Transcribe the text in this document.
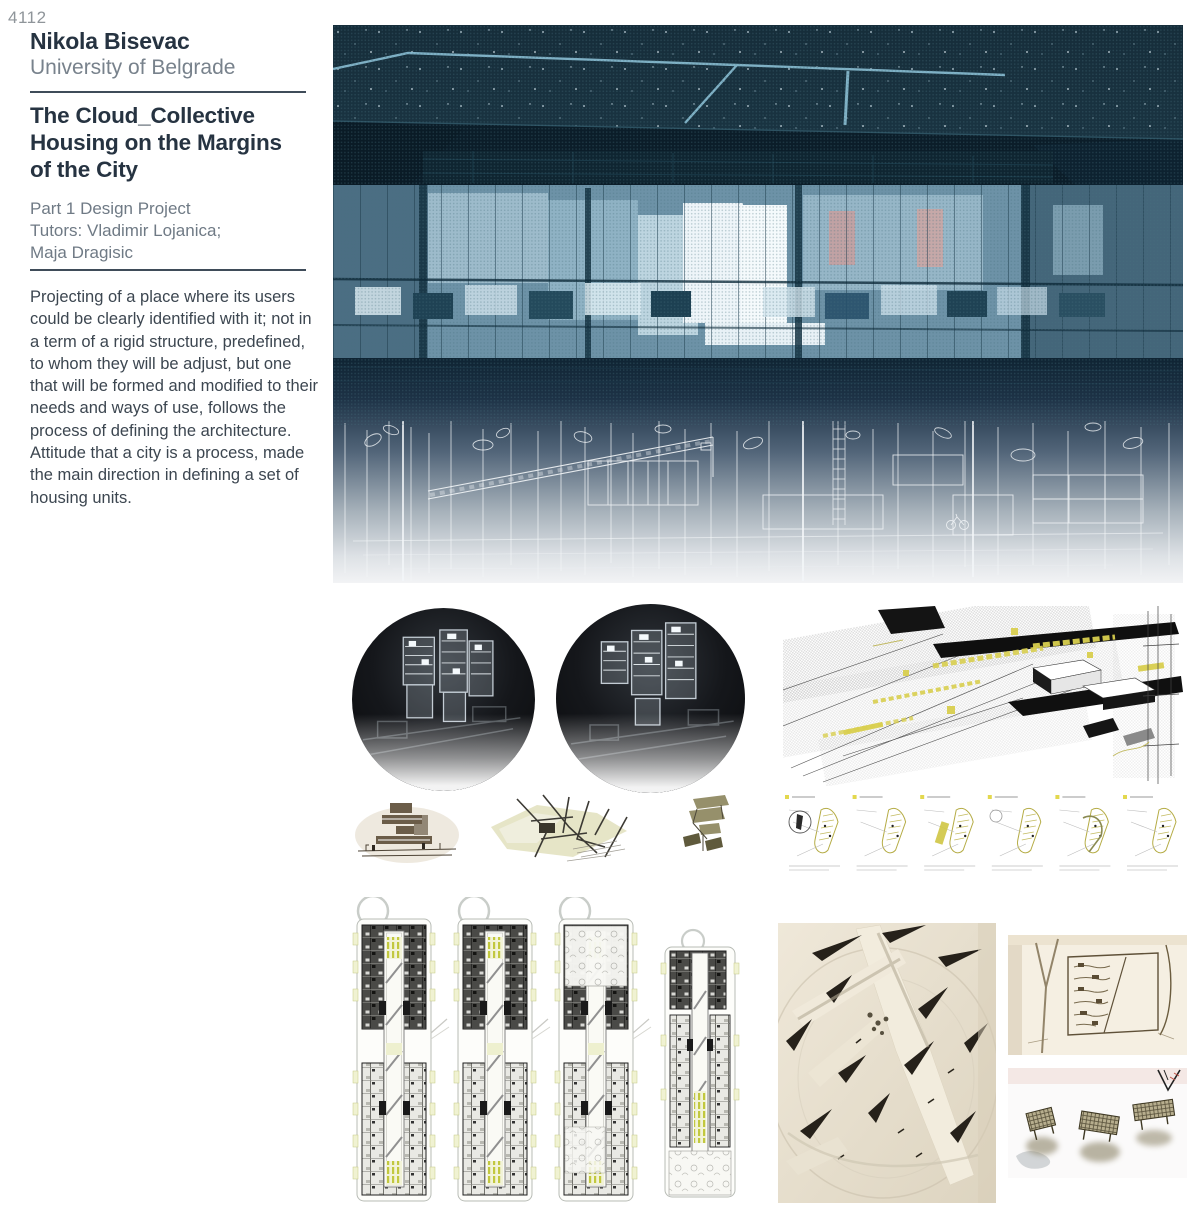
4112
Nikola Bisevac
University of Belgrade
The Cloud_Collective Housing on the Margins of the City
Part 1 Design Project
Tutors: Vladimir Lojanica;
Maja Dragisic

Projecting of a place where its users could be clearly identified with it; not in a term of a rigid structure, predefined, to whom they will be adjust, but one that will be formed and modified to their needs and ways of use, follows the process of defining the architecture. Attitude that a city is a process, made the main direction in defining a set of housing units.
